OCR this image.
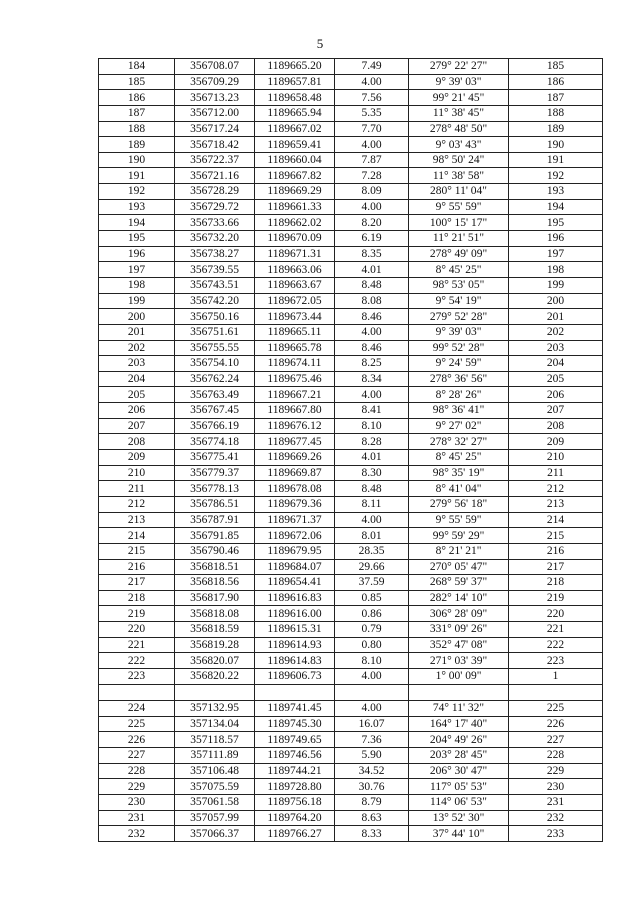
5
184	356708.07	1189665.20	7.49	279° 22' 27"	185
185	356709.29	1189657.81	4.00	9° 39' 03"	186
186	356713.23	1189658.48	7.56	99° 21' 45"	187
187	356712.00	1189665.94	5.35	11° 38' 45"	188
188	356717.24	1189667.02	7.70	278° 48' 50"	189
189	356718.42	1189659.41	4.00	9° 03' 43"	190
190	356722.37	1189660.04	7.87	98° 50' 24"	191
191	356721.16	1189667.82	7.28	11° 38' 58"	192
192	356728.29	1189669.29	8.09	280° 11' 04"	193
193	356729.72	1189661.33	4.00	9° 55' 59"	194
194	356733.66	1189662.02	8.20	100° 15' 17"	195
195	356732.20	1189670.09	6.19	11° 21' 51"	196
196	356738.27	1189671.31	8.35	278° 49' 09"	197
197	356739.55	1189663.06	4.01	8° 45' 25"	198
198	356743.51	1189663.67	8.48	98° 53' 05"	199
199	356742.20	1189672.05	8.08	9° 54' 19"	200
200	356750.16	1189673.44	8.46	279° 52' 28"	201
201	356751.61	1189665.11	4.00	9° 39' 03"	202
202	356755.55	1189665.78	8.46	99° 52' 28"	203
203	356754.10	1189674.11	8.25	9° 24' 59"	204
204	356762.24	1189675.46	8.34	278° 36' 56"	205
205	356763.49	1189667.21	4.00	8° 28' 26"	206
206	356767.45	1189667.80	8.41	98° 36' 41"	207
207	356766.19	1189676.12	8.10	9° 27' 02"	208
208	356774.18	1189677.45	8.28	278° 32' 27"	209
209	356775.41	1189669.26	4.01	8° 45' 25"	210
210	356779.37	1189669.87	8.30	98° 35' 19"	211
211	356778.13	1189678.08	8.48	8° 41' 04"	212
212	356786.51	1189679.36	8.11	279° 56' 18"	213
213	356787.91	1189671.37	4.00	9° 55' 59"	214
214	356791.85	1189672.06	8.01	99° 59' 29"	215
215	356790.46	1189679.95	28.35	8° 21' 21"	216
216	356818.51	1189684.07	29.66	270° 05' 47"	217
217	356818.56	1189654.41	37.59	268° 59' 37"	218
218	356817.90	1189616.83	0.85	282° 14' 10"	219
219	356818.08	1189616.00	0.86	306° 28' 09"	220
220	356818.59	1189615.31	0.79	331° 09' 26"	221
221	356819.28	1189614.93	0.80	352° 47' 08"	222
222	356820.07	1189614.83	8.10	271° 03' 39"	223
223	356820.22	1189606.73	4.00	1° 00' 09"	1

224	357132.95	1189741.45	4.00	74° 11' 32"	225
225	357134.04	1189745.30	16.07	164° 17' 40"	226
226	357118.57	1189749.65	7.36	204° 49' 26"	227
227	357111.89	1189746.56	5.90	203° 28' 45"	228
228	357106.48	1189744.21	34.52	206° 30' 47"	229
229	357075.59	1189728.80	30.76	117° 05' 53"	230
230	357061.58	1189756.18	8.79	114° 06' 53"	231
231	357057.99	1189764.20	8.63	13° 52' 30"	232
232	357066.37	1189766.27	8.33	37° 44' 10"	233
